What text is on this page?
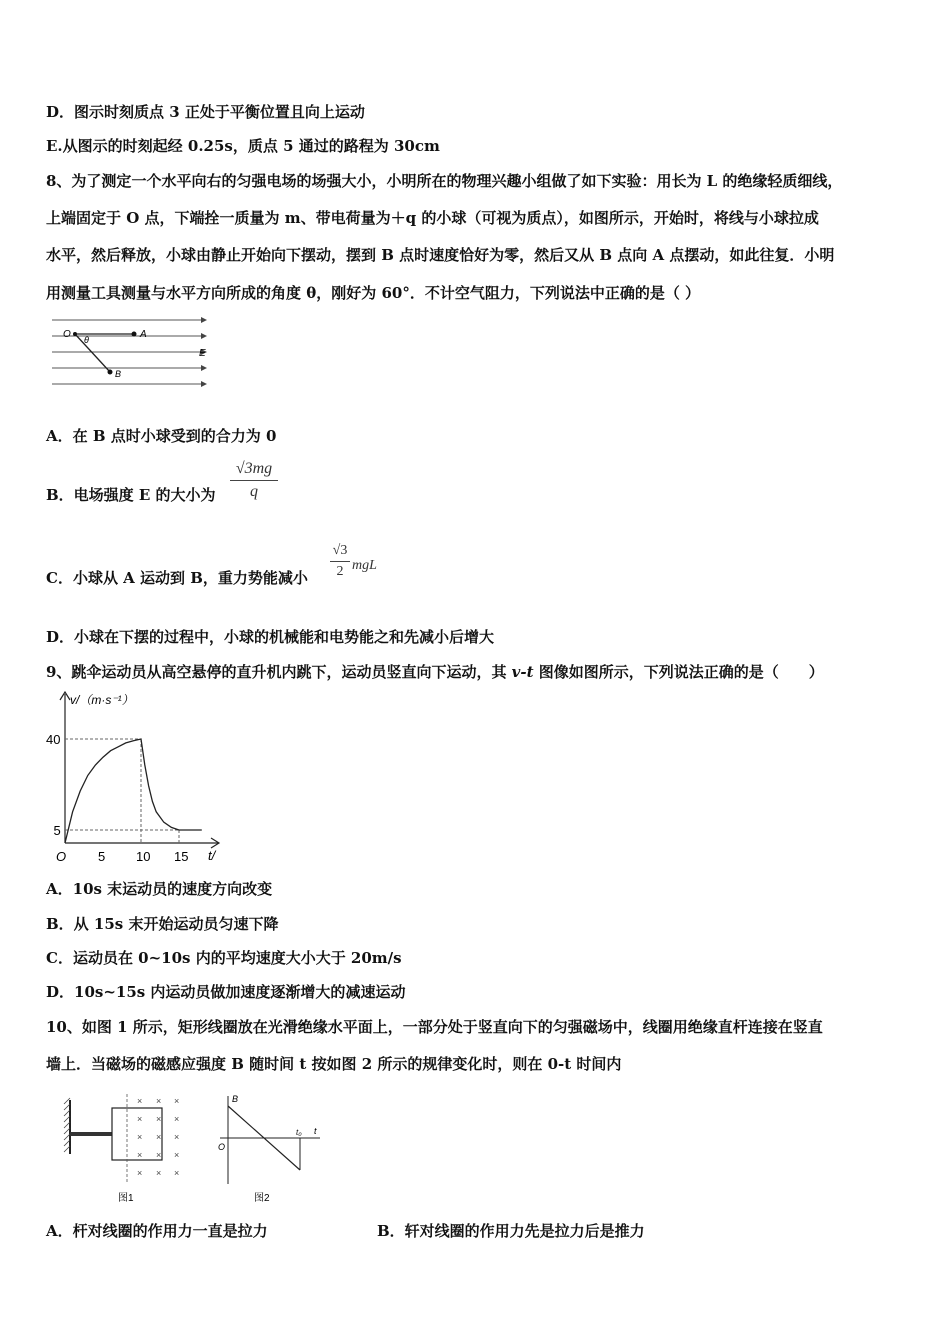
D．图示时刻质点 3 正处于平衡位置且向上运动
E.从图示的时刻起经 0.25s，质点 5 通过的路程为 30cm
8、为了测定一个水平向右的匀强电场的场强大小，小明所在的物理兴趣小组做了如下实验：用长为 L 的绝缘轻质细线，
上端固定于 O 点，下端拴一质量为 m、带电荷量为＋q 的小球（可视为质点），如图所示，开始时，将线与小球拉成
水平，然后释放，小球由静止开始向下摆动，摆到 B 点时速度恰好为零，然后又从 B 点向 A 点摆动，如此往复．小明
用测量工具测量与水平方向所成的角度 θ，刚好为 60°．不计空气阻力，下列说法中正确的是（ ）
O θ	A
E
B
A．在 B 点时小球受到的合力为 0
B．电场强度 E 的大小为 $\frac{√3mg}{q}$
C．小球从 A 运动到 B，重力势能减小 $\frac{√3}{2}$ mgL
D．小球在下摆的过程中，小球的机械能和电势能之和先减小后增大
9、跳伞运动员从高空悬停的直升机内跳下，运动员竖直向下运动，其 v-t 图像如图所示，下列说法正确的是（　　）
v/（m·s⁻¹）
t/
O 5 10 15
40
5
A．10s 末运动员的速度方向改变
B．从 15s 末开始运动员匀速下降
C．运动员在 0~10s 内的平均速度大小大于 20m/s
D．10s~15s 内运动员做加速度逐渐增大的减速运动
10、如图 1 所示，矩形线圈放在光滑绝缘水平面上，一部分处于竖直向下的匀强磁场中，线圈用绝缘直杆连接在竖直
墙上．当磁场的磁感应强度 B 随时间 t 按如图 2 所示的规律变化时，则在 0-t 时间内
× × ×
× × ×
× × ×
× × ×
× × ×
图1
B
O
t
t₀
图2
A．杆对线圈的作用力一直是拉力	B．轩对线圈的作用力先是拉力后是推力
